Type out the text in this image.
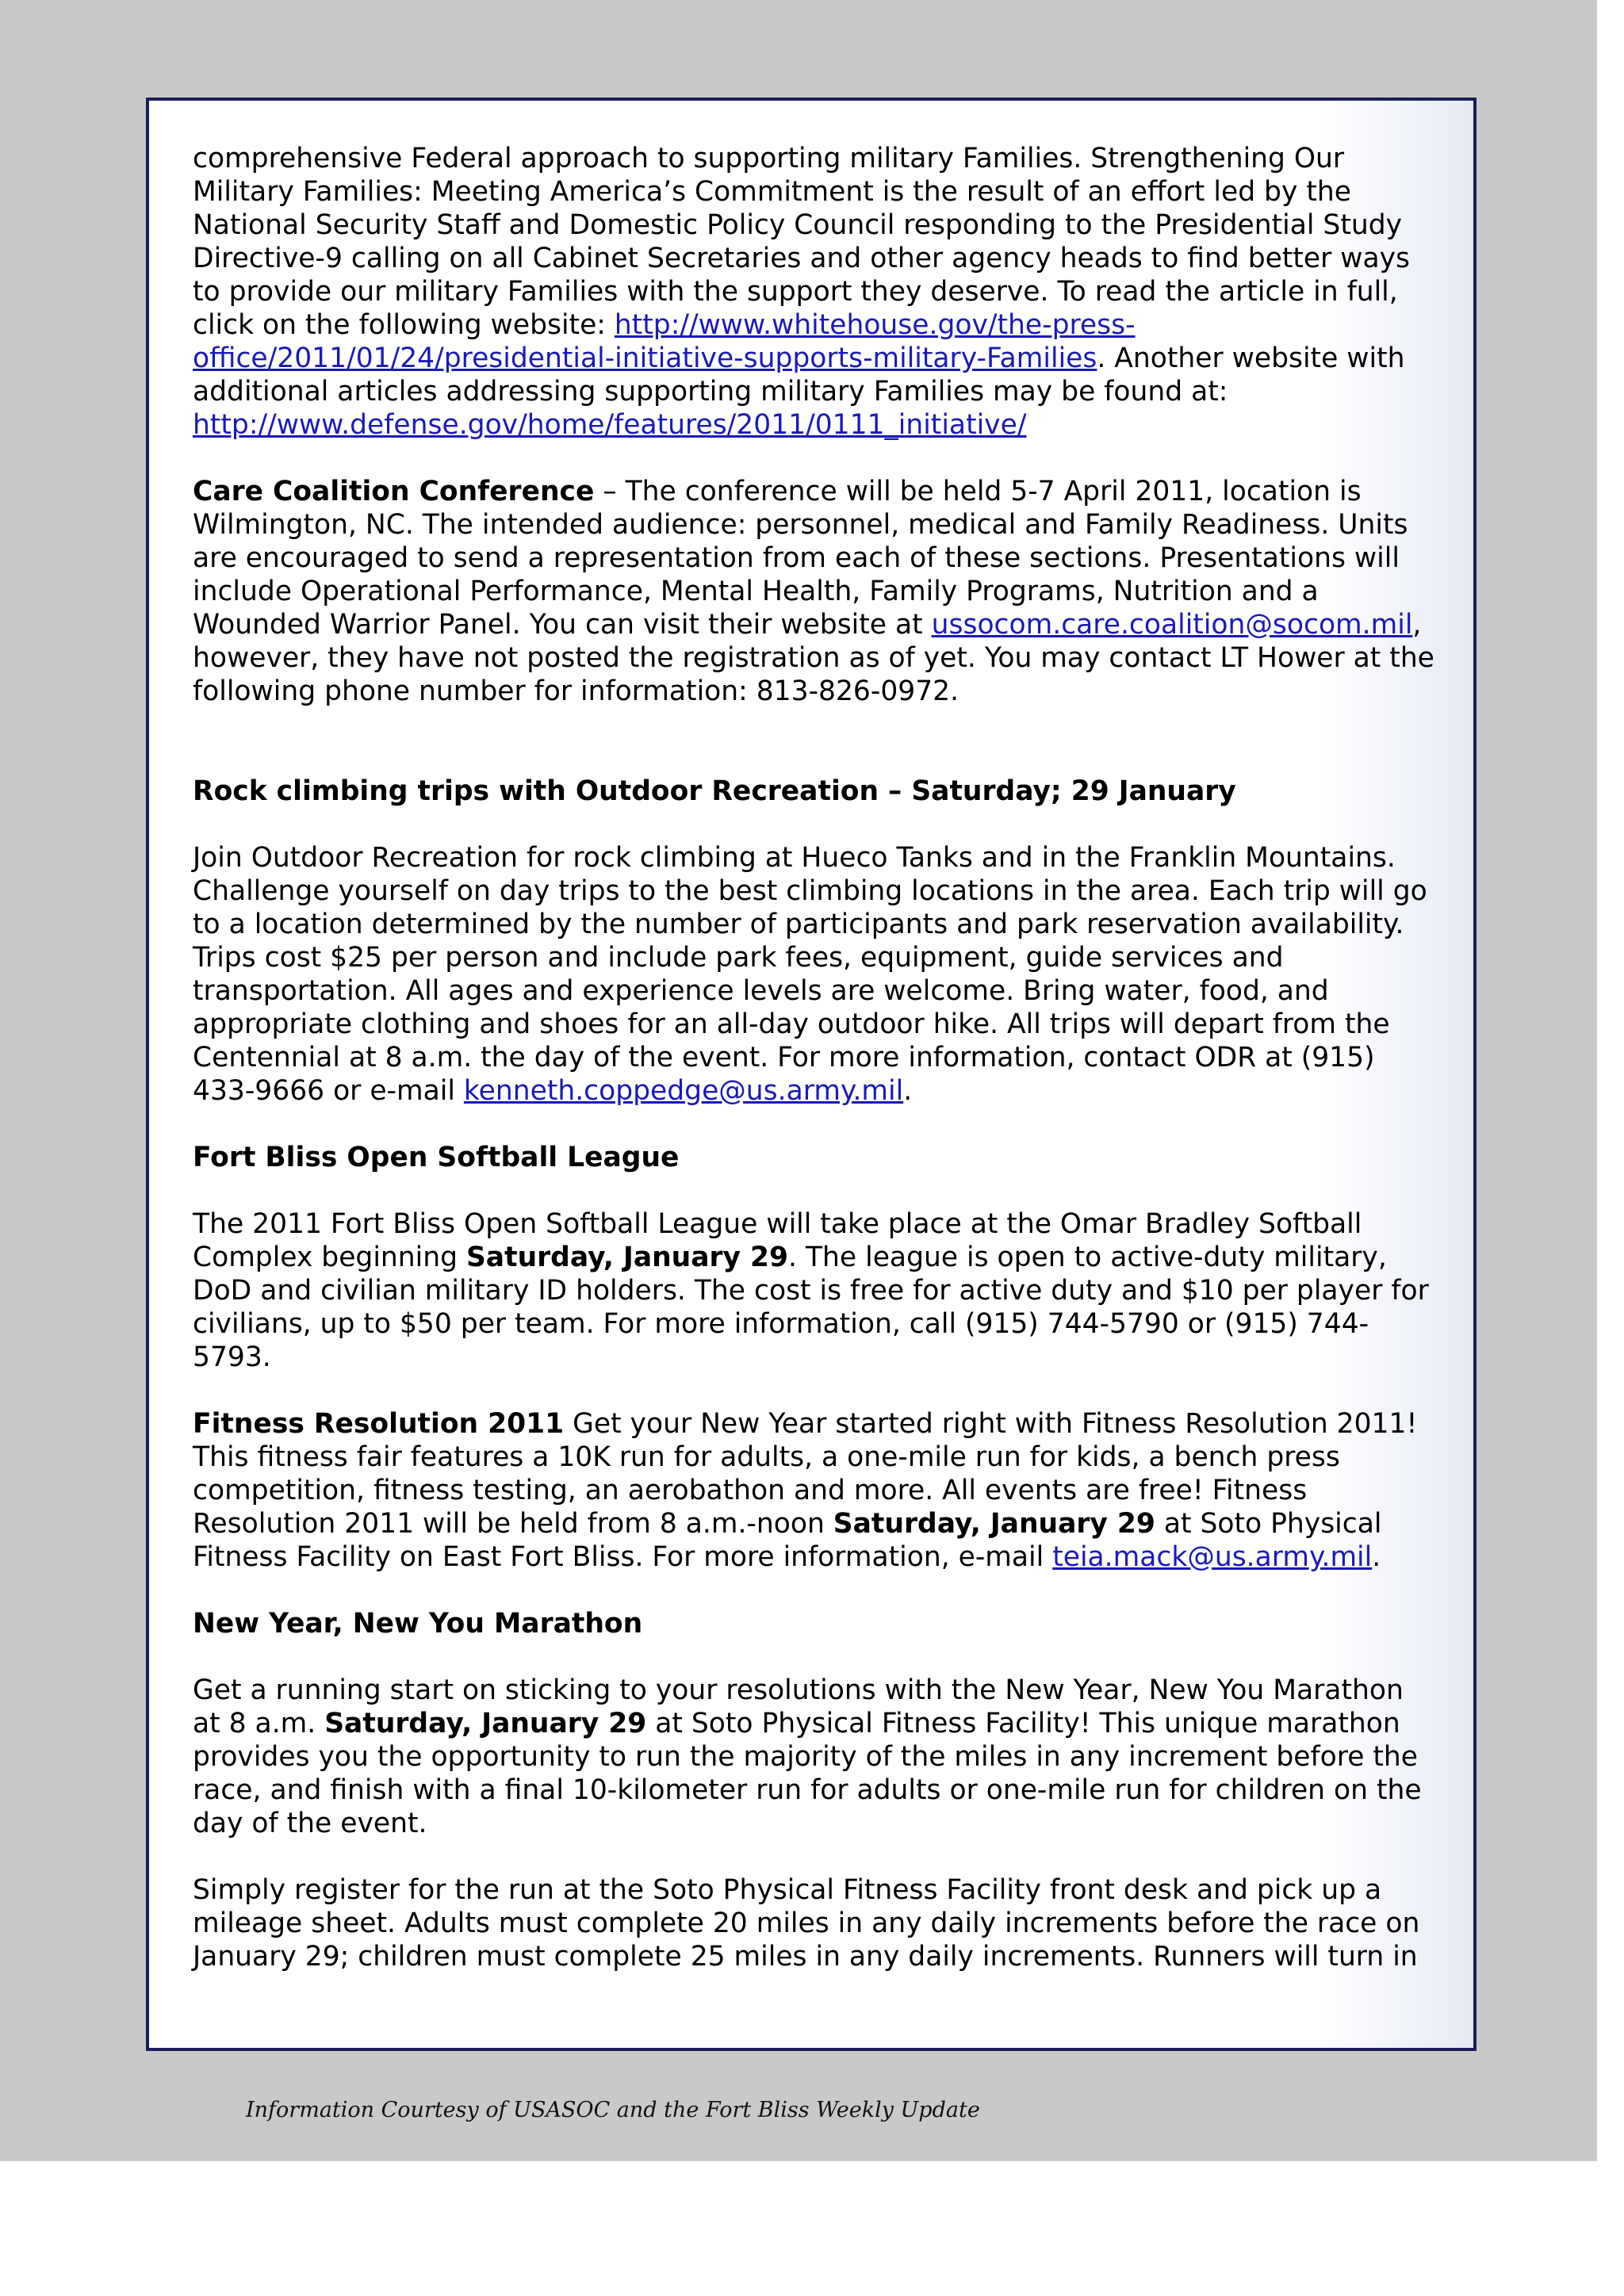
comprehensive Federal approach to supporting military Families. Strengthening Our Military Families: Meeting America’s Commitment is the result of an effort led by the National Security Staff and Domestic Policy Council responding to the Presidential Study Directive-9 calling on all Cabinet Secretaries and other agency heads to find better ways to provide our military Families with the support they deserve. To read the article in full, click on the following website: http://www.whitehouse.gov/the-press-office/2011/01/24/presidential-initiative-supports-military-Families. Another website with additional articles addressing supporting military Families may be found at: http://www.defense.gov/home/features/2011/0111_initiative/

Care Coalition Conference – The conference will be held 5-7 April 2011, location is Wilmington, NC. The intended audience: personnel, medical and Family Readiness. Units are encouraged to send a representation from each of these sections. Presentations will include Operational Performance, Mental Health, Family Programs, Nutrition and a Wounded Warrior Panel. You can visit their website at ussocom.care.coalition@socom.mil, however, they have not posted the registration as of yet. You may contact LT Hower at the following phone number for information: 813-826-0972.

Rock climbing trips with Outdoor Recreation – Saturday; 29 January

Join Outdoor Recreation for rock climbing at Hueco Tanks and in the Franklin Mountains. Challenge yourself on day trips to the best climbing locations in the area. Each trip will go to a location determined by the number of participants and park reservation availability. Trips cost $25 per person and include park fees, equipment, guide services and transportation. All ages and experience levels are welcome. Bring water, food, and appropriate clothing and shoes for an all-day outdoor hike. All trips will depart from the Centennial at 8 a.m. the day of the event. For more information, contact ODR at (915) 433-9666 or e-mail kenneth.coppedge@us.army.mil.

Fort Bliss Open Softball League

The 2011 Fort Bliss Open Softball League will take place at the Omar Bradley Softball Complex beginning Saturday, January 29. The league is open to active-duty military, DoD and civilian military ID holders. The cost is free for active duty and $10 per player for civilians, up to $50 per team. For more information, call (915) 744-5790 or (915) 744-5793.

Fitness Resolution 2011 Get your New Year started right with Fitness Resolution 2011! This fitness fair features a 10K run for adults, a one-mile run for kids, a bench press competition, fitness testing, an aerobathon and more. All events are free! Fitness Resolution 2011 will be held from 8 a.m.-noon Saturday, January 29 at Soto Physical Fitness Facility on East Fort Bliss. For more information, e-mail teia.mack@us.army.mil.

New Year, New You Marathon

Get a running start on sticking to your resolutions with the New Year, New You Marathon at 8 a.m. Saturday, January 29 at Soto Physical Fitness Facility! This unique marathon provides you the opportunity to run the majority of the miles in any increment before the race, and finish with a final 10-kilometer run for adults or one-mile run for children on the day of the event.

Simply register for the run at the Soto Physical Fitness Facility front desk and pick up a mileage sheet. Adults must complete 20 miles in any daily increments before the race on January 29; children must complete 25 miles in any daily increments. Runners will turn in

Information Courtesy of USASOC and the Fort Bliss Weekly Update
